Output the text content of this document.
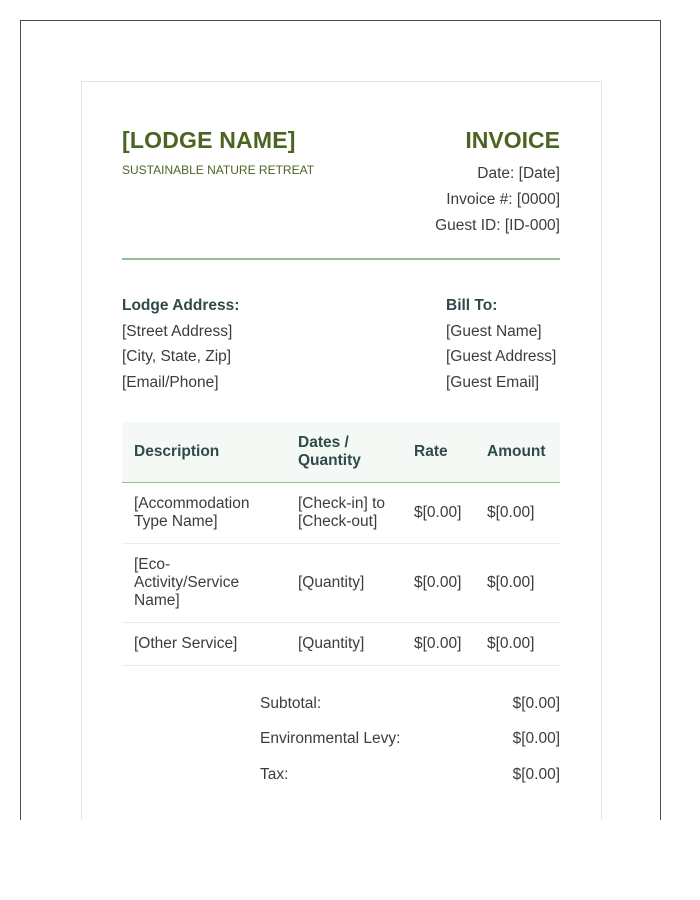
[LODGE NAME]
SUSTAINABLE NATURE RETREAT
INVOICE
Date: [Date]
Invoice #: [0000]
Guest ID: [ID-000]
Lodge Address:
[Street Address]
[City, State, Zip]
[Email/Phone]
Bill To:
[Guest Name]
[Guest Address]
[Guest Email]
Description	Dates / Quantity	Rate	Amount
[Accommodation Type Name]	[Check-in] to [Check-out]	$[0.00]	$[0.00]
[Eco-Activity/Service Name]	[Quantity]	$[0.00]	$[0.00]
[Other Service]	[Quantity]	$[0.00]	$[0.00]
Subtotal:	$[0.00]
Environmental Levy:	$[0.00]
Tax:	$[0.00]
